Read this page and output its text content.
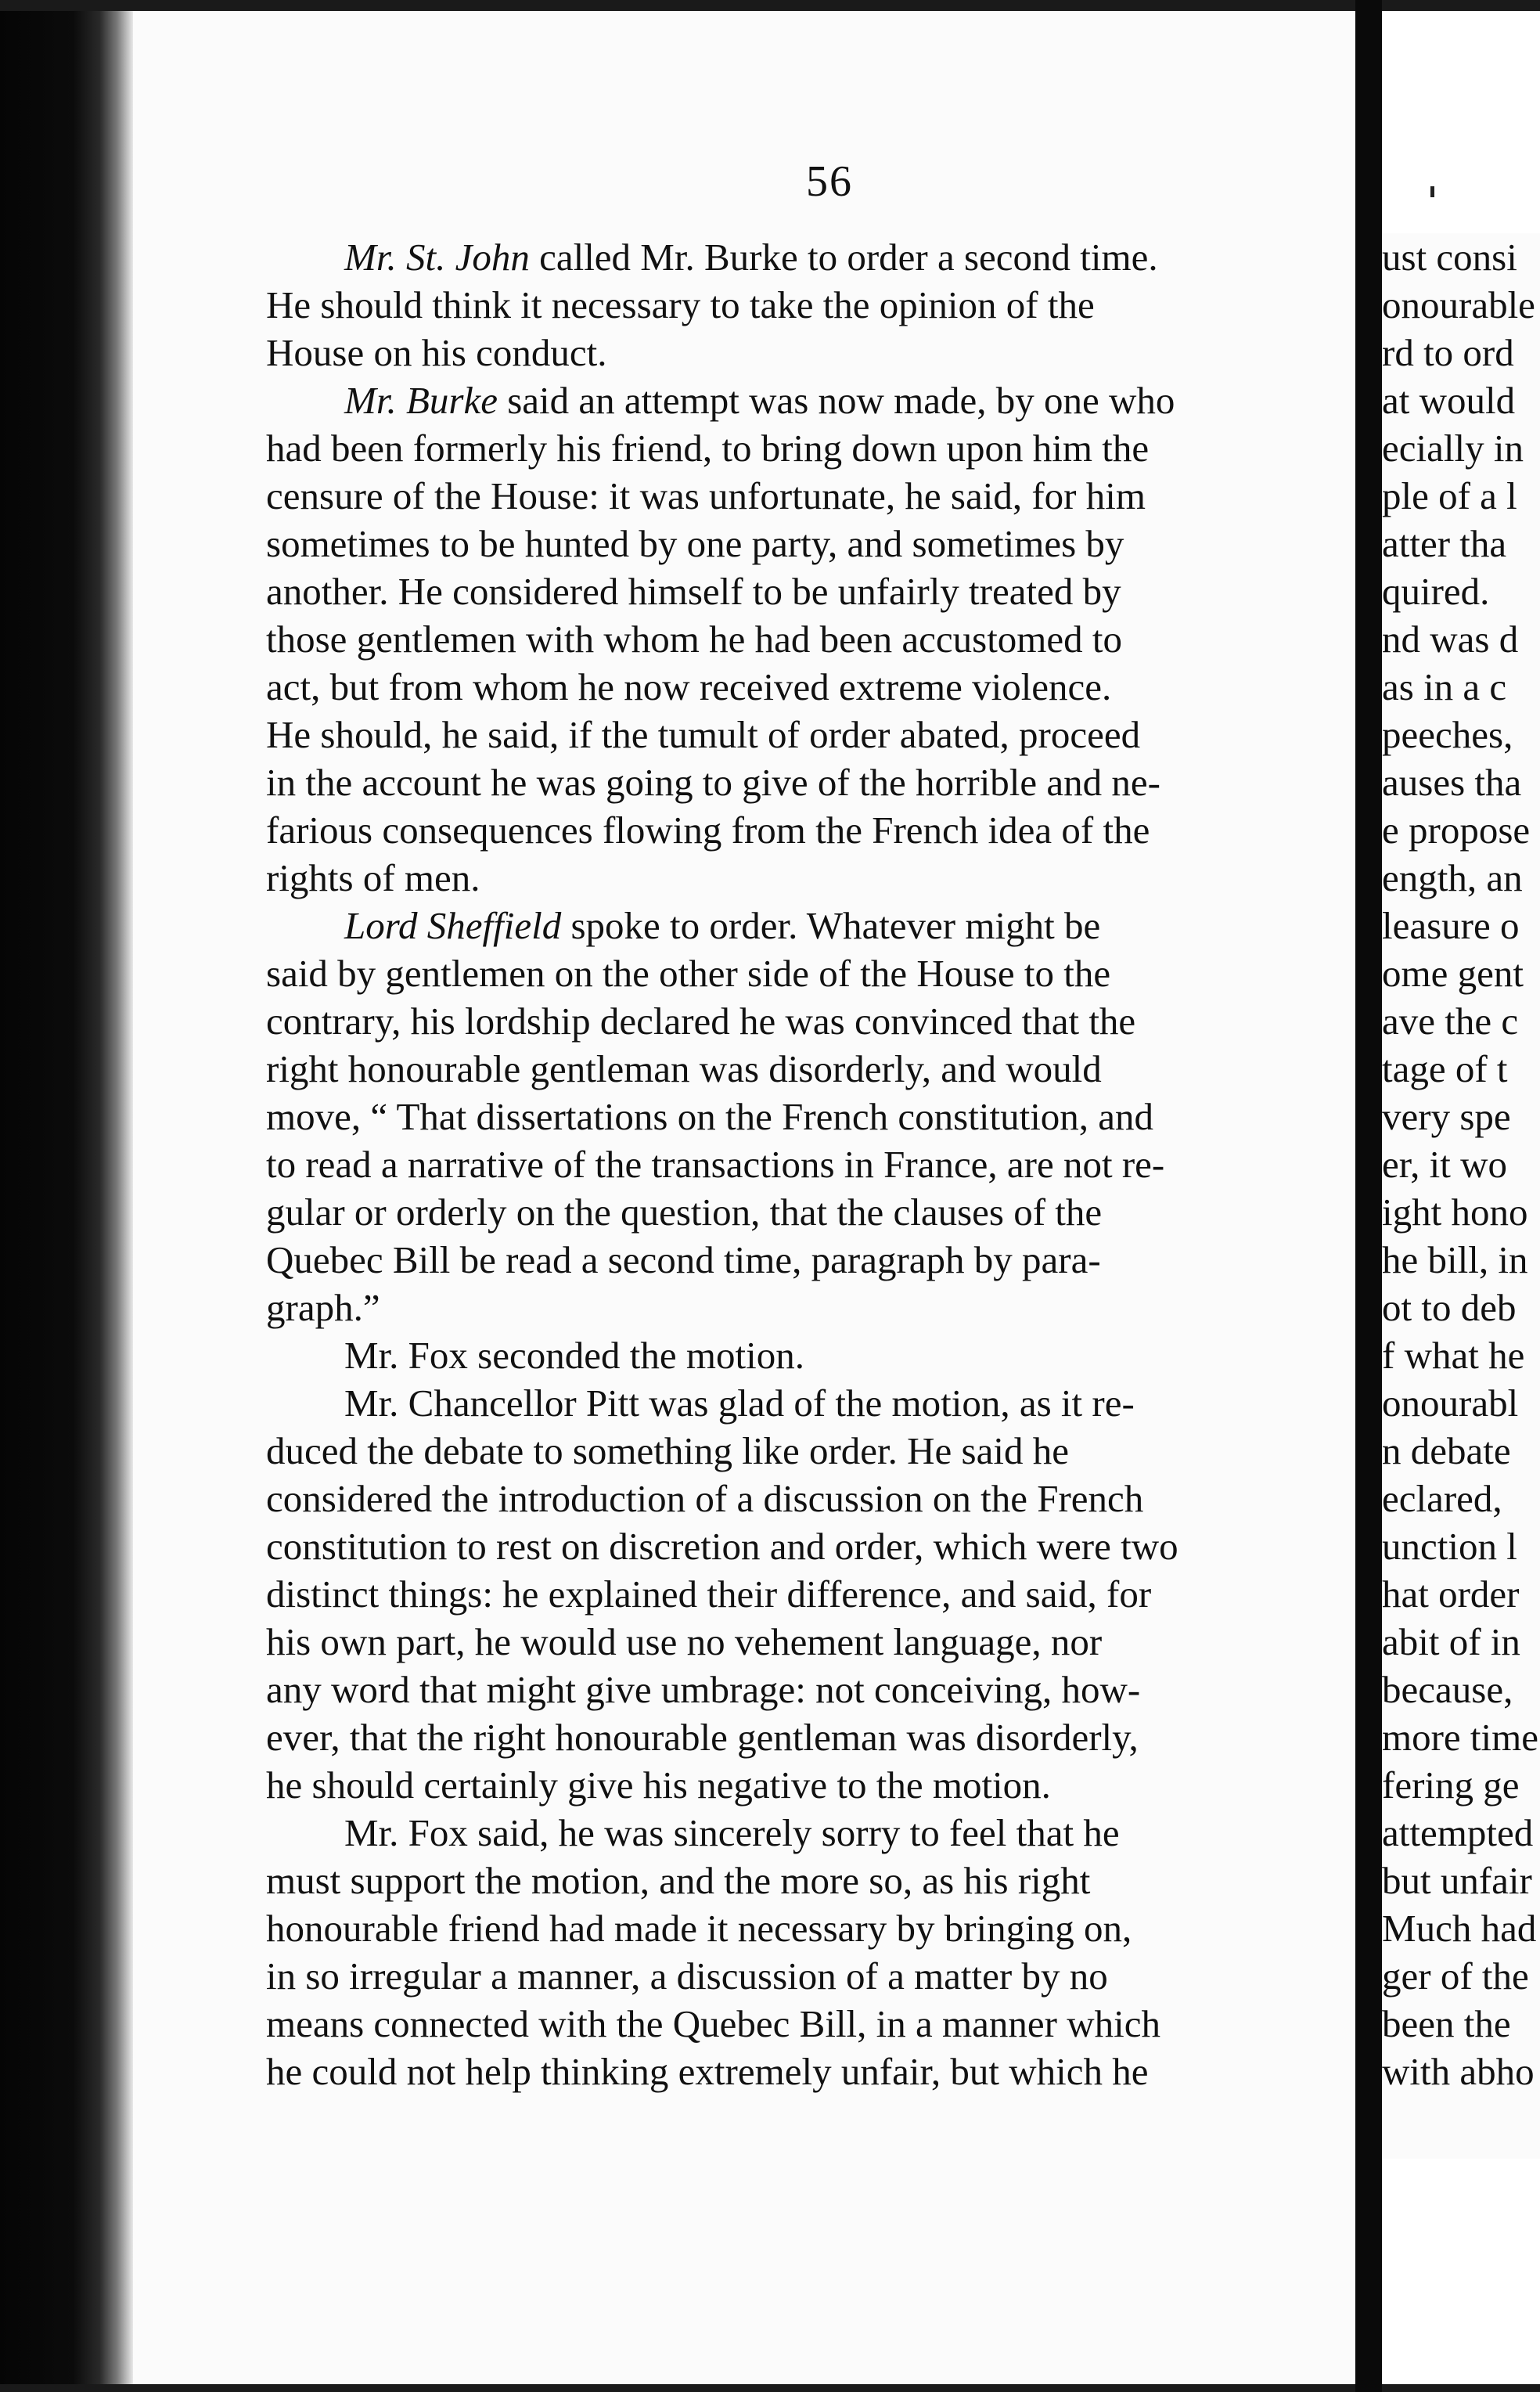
56
Mr. St. John called Mr. Burke to order a second time.
He should think it necessary to take the opinion of the
House on his conduct.
Mr. Burke said an attempt was now made, by one who
had been formerly his friend, to bring down upon him the
censure of the House: it was unfortunate, he said, for him
sometimes to be hunted by one party, and sometimes by
another. He considered himself to be unfairly treated by
those gentlemen with whom he had been accustomed to
act, but from whom he now received extreme violence.
He should, he said, if the tumult of order abated, proceed
in the account he was going to give of the horrible and ne-
farious consequences flowing from the French idea of the
rights of men.
Lord Sheffield spoke to order. Whatever might be
said by gentlemen on the other side of the House to the
contrary, his lordship declared he was convinced that the
right honourable gentleman was disorderly, and would
move, “ That dissertations on the French constitution, and
to read a narrative of the transactions in France, are not re-
gular or orderly on the question, that the clauses of the
Quebec Bill be read a second time, paragraph by para-
graph.”
Mr. Fox seconded the motion.
Mr. Chancellor Pitt was glad of the motion, as it re-
duced the debate to something like order. He said he
considered the introduction of a discussion on the French
constitution to rest on discretion and order, which were two
distinct things: he explained their difference, and said, for
his own part, he would use no vehement language, nor
any word that might give umbrage: not conceiving, how-
ever, that the right honourable gentleman was disorderly,
he should certainly give his negative to the motion.
Mr. Fox said, he was sincerely sorry to feel that he
must support the motion, and the more so, as his right
honourable friend had made it necessary by bringing on,
in so irregular a manner, a discussion of a matter by no
means connected with the Quebec Bill, in a manner which
he could not help thinking extremely unfair, but which he
ust consi
onourable
rd to ord
at would
ecially in
ple of a l
atter tha
quired.
nd was d
as in a c
peeches,
auses tha
e propose
ength, an
leasure o
ome gent
ave the c
tage of t
very spe
er, it wo
ight hono
he bill, in
ot to deb
f what he
onourabl
n debate
eclared,
unction l
hat order
abit of in
because,
more time
fering ge
attempted
but unfair
Much had
ger of the
been the
with abho
